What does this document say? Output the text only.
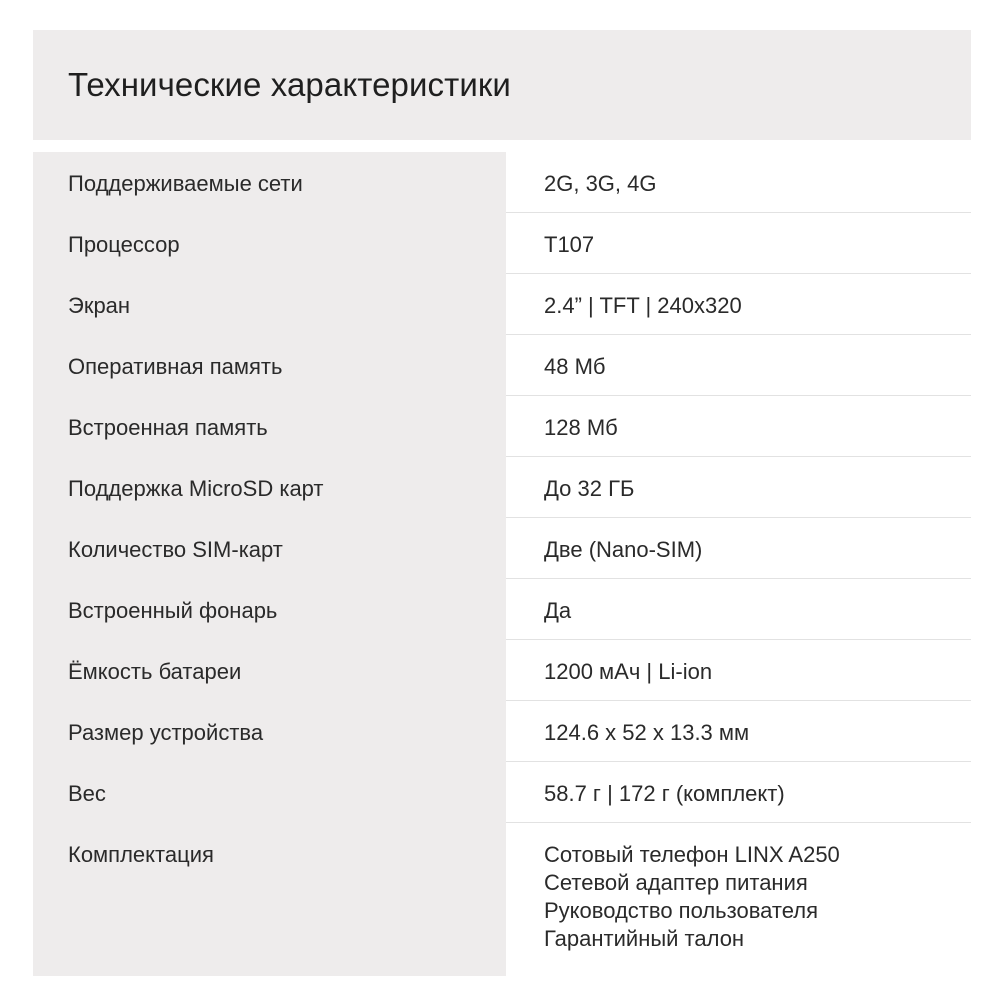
Технические характеристики
Поддерживаемые сети	2G, 3G, 4G
Процессор	T107
Экран	2.4” | TFT | 240x320
Оперативная память	48 Мб
Встроенная память	128 Мб
Поддержка MicroSD карт	До 32 ГБ
Количество SIM-карт	Две (Nano-SIM)
Встроенный фонарь	Да
Ёмкость батареи	1200 мАч | Li-ion
Размер устройства	124.6 x 52 x 13.3 мм
Вес	58.7 г | 172 г (комплект)
Комплектация	Сотовый телефон LINX A250
Сетевой адаптер питания
Руководство пользователя
Гарантийный талон
